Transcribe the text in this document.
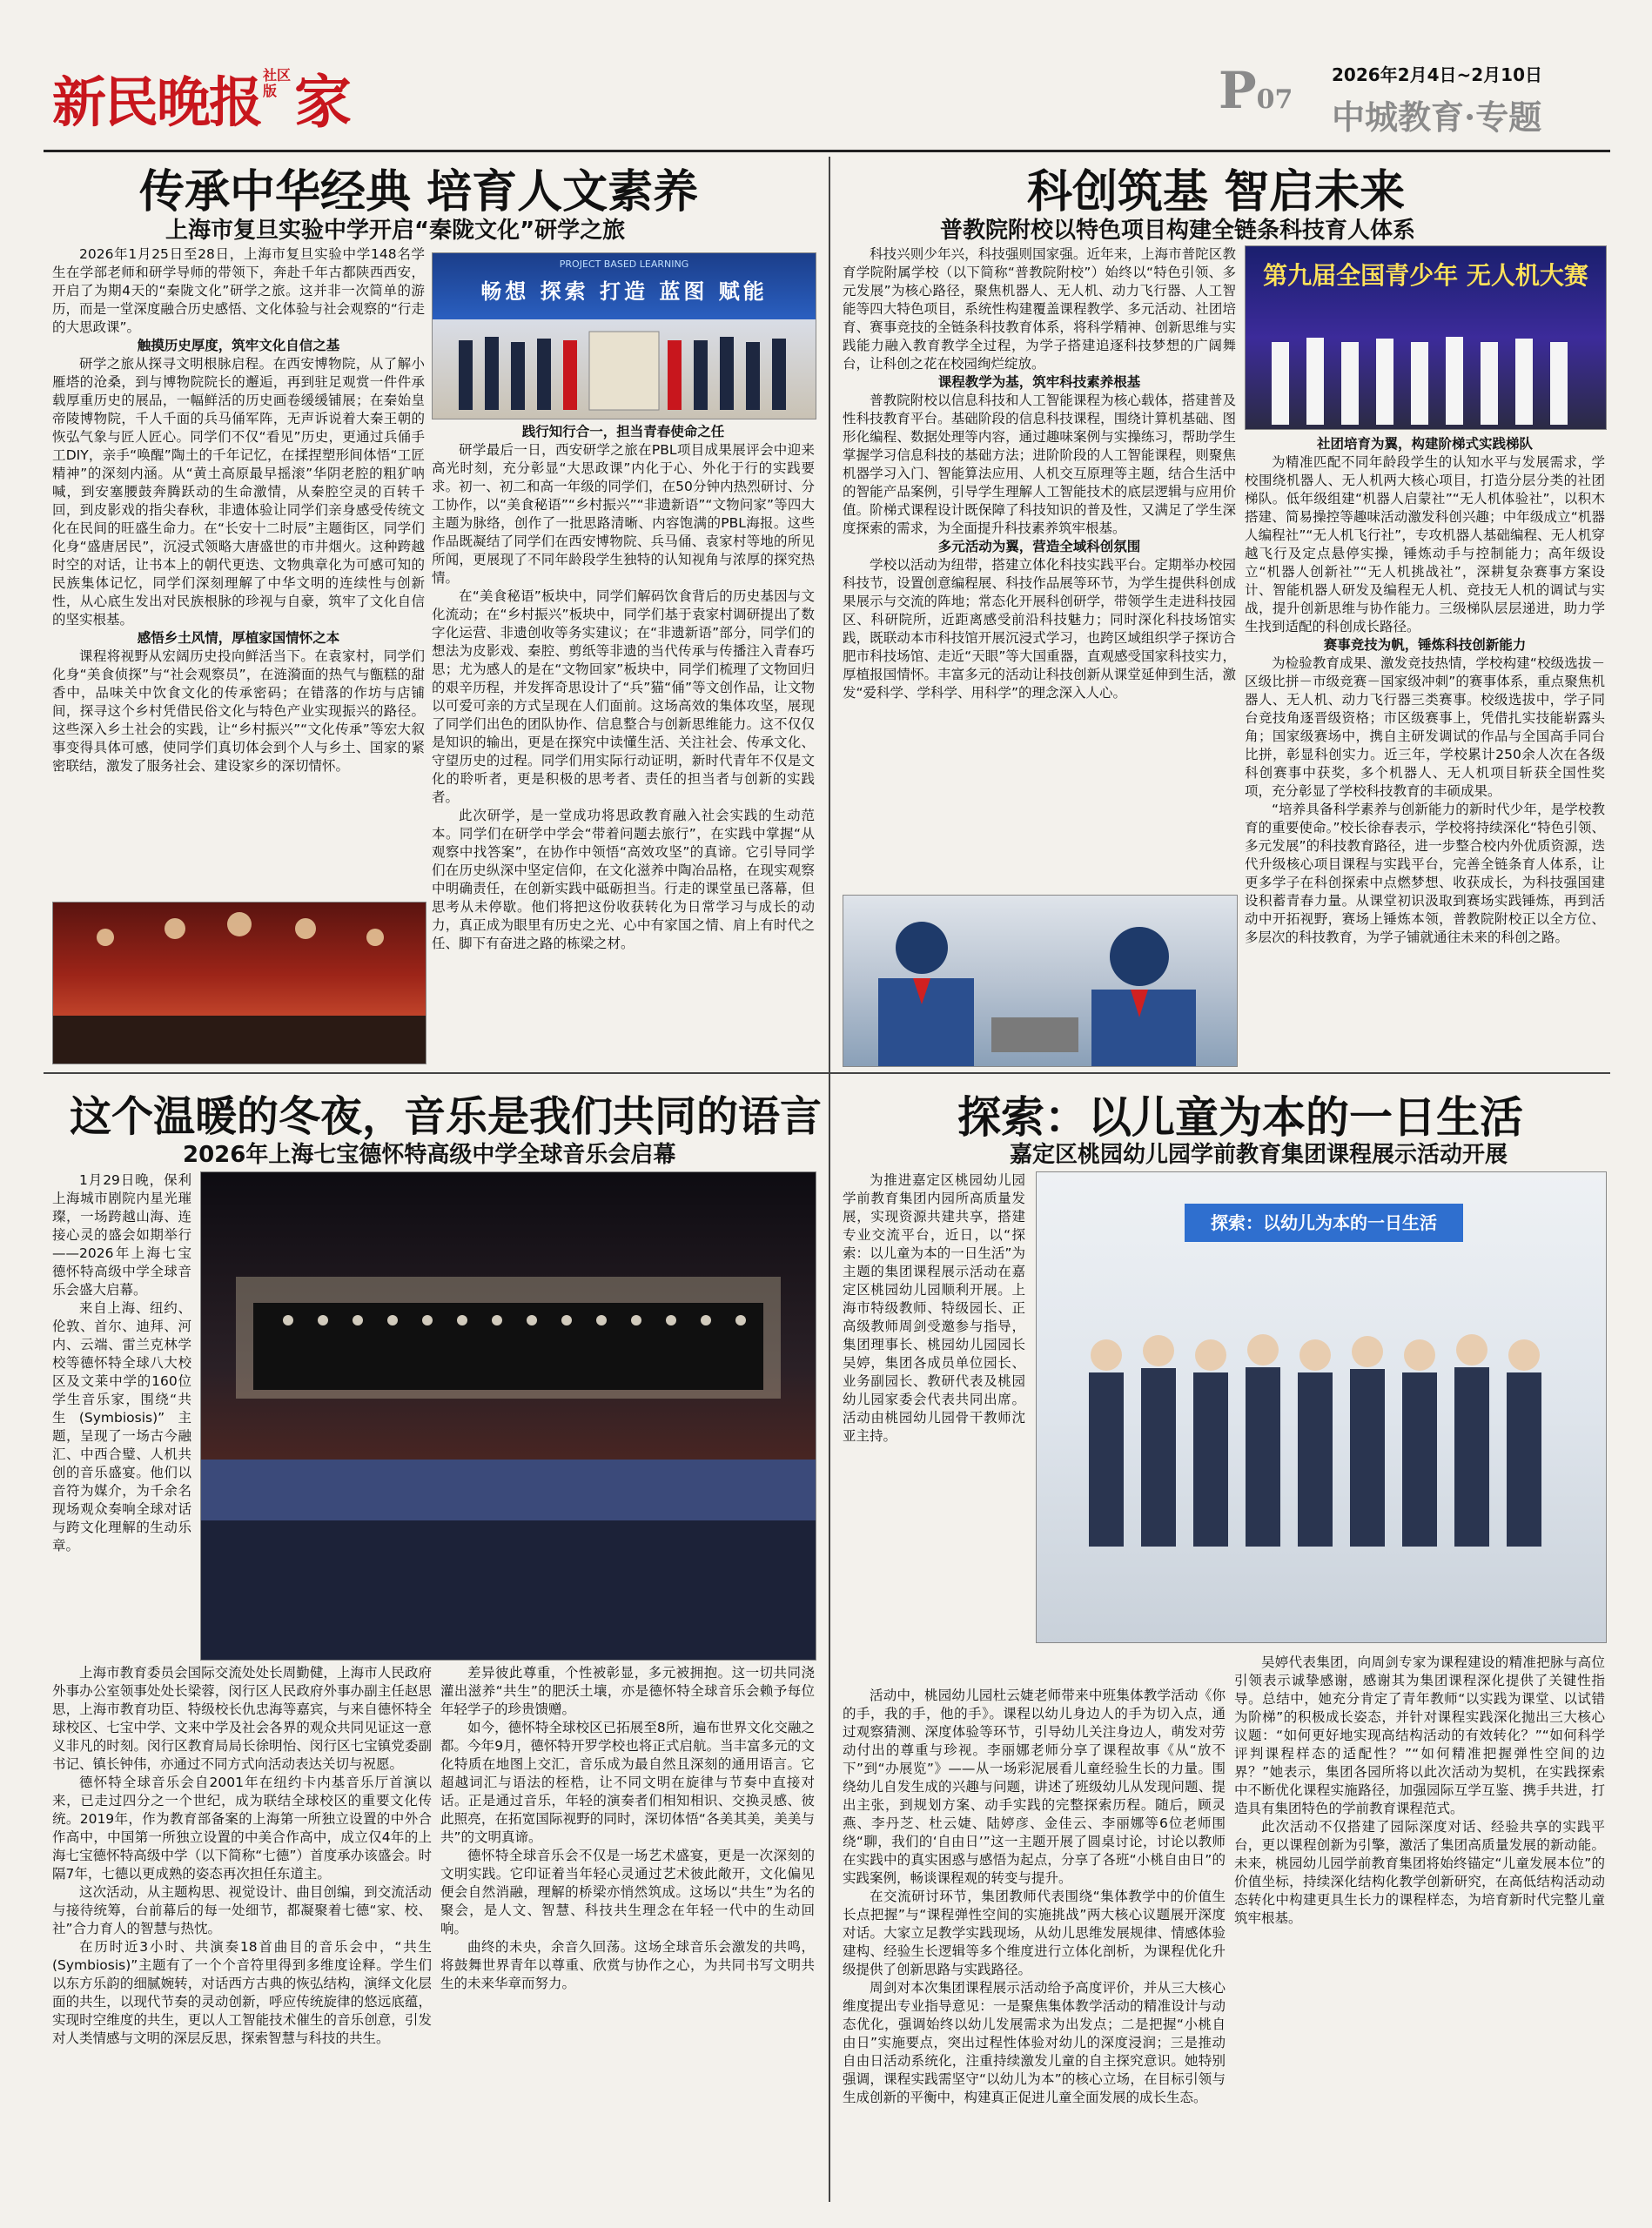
新民晚报 社区版 家	P07
2026年2月4日~2月10日
中城教育·专题
传承中华经典 培育人文素养
上海市复旦实验中学开启“秦陇文化”研学之旅
PROJECT BASED LEARNING
畅想 探索 打造 蓝图 赋能

2026年1月25日至28日，上海市复旦实验中学148名学生在学部老师和研学导师的带领下，奔赴千年古都陕西西安，开启了为期4天的“秦陇文化”研学之旅。这并非一次简单的游历，而是一堂深度融合历史感悟、文化体验与社会观察的“行走的大思政课”。

触摸历史厚度，筑牢文化自信之基

研学之旅从探寻文明根脉启程。在西安博物院，从了解小雁塔的沧桑，到与博物院院长的邂逅，再到驻足观赏一件件承载厚重历史的展品，一幅鲜活的历史画卷缓缓铺展；在秦始皇帝陵博物院，千人千面的兵马俑军阵，无声诉说着大秦王朝的恢弘气象与匠人匠心。同学们不仅“看见”历史，更通过兵俑手工DIY，亲手“唤醒”陶土的千年记忆，在揉捏塑形间体悟“工匠精神”的深刻内涵。从“黄土高原最早摇滚”华阴老腔的粗犷呐喊，到安塞腰鼓奔腾跃动的生命激情，从秦腔空灵的百转千回，到皮影戏的指尖春秋，非遗体验让同学们亲身感受传统文化在民间的旺盛生命力。在“长安十二时辰”主题街区，同学们化身“盛唐居民”，沉浸式领略大唐盛世的市井烟火。这种跨越时空的对话，让书本上的朝代更迭、文物典章化为可感可知的民族集体记忆，同学们深刻理解了中华文明的连续性与创新性，从心底生发出对民族根脉的珍视与自豪，筑牢了文化自信的坚实根基。

感悟乡土风情，厚植家国情怀之本

课程将视野从宏阔历史投向鲜活当下。在袁家村，同学们化身“美食侦探”与“社会观察员”，在涟漪面的热气与甑糕的甜香中，品味关中饮食文化的传承密码；在错落的作坊与店铺间，探寻这个乡村凭借民俗文化与特色产业实现振兴的路径。这些深入乡土社会的实践，让“乡村振兴”“文化传承”等宏大叙事变得具体可感，使同学们真切体会到个人与乡土、国家的紧密联结，激发了服务社会、建设家乡的深切情怀。

践行知行合一，担当青春使命之任

研学最后一日，西安研学之旅在PBL项目成果展评会中迎来高光时刻，充分彰显“大思政课”内化于心、外化于行的实践要求。初一、初二和高一年级的同学们，在50分钟内热烈研讨、分工协作，以“美食秘语”“乡村振兴”“非遗新语”“文物问家”等四大主题为脉络，创作了一批思路清晰、内容饱满的PBL海报。这些作品既凝结了同学们在西安博物院、兵马俑、袁家村等地的所见所闻，更展现了不同年龄段学生独特的认知视角与浓厚的探究热情。

在“美食秘语”板块中，同学们解码饮食背后的历史基因与文化流动；在“乡村振兴”板块中，同学们基于袁家村调研提出了数字化运营、非遗创收等务实建议；在“非遗新语”部分，同学们的想法为皮影戏、秦腔、剪纸等非遗的当代传承与传播注入青春巧思；尤为感人的是在“文物回家”板块中，同学们梳理了文物回归的艰辛历程，并发挥奇思设计了“兵”猫“俑”等文创作品，让文物以可爱可亲的方式呈现在人们面前。这场高效的集体攻坚，展现了同学们出色的团队协作、信息整合与创新思维能力。这不仅仅是知识的输出，更是在探究中读懂生活、关注社会、传承文化、守望历史的过程。同学们用实际行动证明，新时代青年不仅是文化的聆听者，更是积极的思考者、责任的担当者与创新的实践者。

此次研学，是一堂成功将思政教育融入社会实践的生动范本。同学们在研学中学会“带着问题去旅行”，在实践中掌握“从观察中找答案”，在协作中领悟“高效攻坚”的真谛。它引导同学们在历史纵深中坚定信仰，在文化滋养中陶冶品格，在现实观察中明确责任，在创新实践中砥砺担当。行走的课堂虽已落幕，但思考从未停歇。他们将把这份收获转化为日常学习与成长的动力，真正成为眼里有历史之光、心中有家国之情、肩上有时代之任、脚下有奋进之路的栋梁之材。

科创筑基 智启未来
普教院附校以特色项目构建全链条科技育人体系

科技兴则少年兴，科技强则国家强。近年来，上海市普陀区教育学院附属学校（以下简称“普教院附校”）始终以“特色引领、多元发展”为核心路径，聚焦机器人、无人机、动力飞行器、人工智能等四大特色项目，系统性构建覆盖课程教学、多元活动、社团培育、赛事竞技的全链条科技教育体系，将科学精神、创新思维与实践能力融入教育教学全过程，为学子搭建追逐科技梦想的广阔舞台，让科创之花在校园绚烂绽放。

课程教学为基，筑牢科技素养根基

普教院附校以信息科技和人工智能课程为核心载体，搭建普及性科技教育平台。基础阶段的信息科技课程，围绕计算机基础、图形化编程、数据处理等内容，通过趣味案例与实操练习，帮助学生掌握学习信息科技的基础方法；进阶阶段的人工智能课程，则聚焦机器学习入门、智能算法应用、人机交互原理等主题，结合生活中的智能产品案例，引导学生理解人工智能技术的底层逻辑与应用价值。阶梯式课程设计既保障了科技知识的普及性，又满足了学生深度探索的需求，为全面提升科技素养筑牢根基。

多元活动为翼，营造全域科创氛围

学校以活动为纽带，搭建立体化科技实践平台。定期举办校园科技节，设置创意编程展、科技作品展等环节，为学生提供科创成果展示与交流的阵地；常态化开展科创研学，带领学生走进科技园区、科研院所，近距离感受前沿科技魅力；同时深化科技场馆实践，既联动本市科技馆开展沉浸式学习，也跨区域组织学子探访合肥市科技场馆、走近“天眼”等大国重器，直观感受国家科技实力，厚植报国情怀。丰富多元的活动让科技创新从课堂延伸到生活，激发“爱科学、学科学、用科学”的理念深入人心。

第九届全国青少年 无人机大赛

社团培育为翼，构建阶梯式实践梯队

为精准匹配不同年龄段学生的认知水平与发展需求，学校围绕机器人、无人机两大核心项目，打造分层分类的社团梯队。低年级组建“机器人启蒙社”“无人机体验社”，以积木搭建、简易操控等趣味活动激发科创兴趣；中年级成立“机器人编程社”“无人机飞行社”，专攻机器人基础编程、无人机穿越飞行及定点悬停实操，锤炼动手与控制能力；高年级设立“机器人创新社”“无人机挑战社”，深耕复杂赛事方案设计、智能机器人研发及编程无人机、竞技无人机的调试与实战，提升创新思维与协作能力。三级梯队层层递进，助力学生找到适配的科创成长路径。

赛事竞技为帆，锤炼科技创新能力

为检验教育成果、激发竞技热情，学校构建“校级选拔－区级比拼－市级竞赛－国家级冲刺”的赛事体系，重点聚焦机器人、无人机、动力飞行器三类赛事。校级选拔中，学子同台竞技角逐晋级资格；市区级赛事上，凭借扎实技能崭露头角；国家级赛场中，携自主研发调试的作品与全国高手同台比拼，彰显科创实力。近三年，学校累计250余人次在各级科创赛事中获奖，多个机器人、无人机项目斩获全国性奖项，充分彰显了学校科技教育的丰硕成果。

“培养具备科学素养与创新能力的新时代少年，是学校教育的重要使命。”校长徐春表示，学校将持续深化“特色引领、多元发展”的科技教育路径，进一步整合校内外优质资源，迭代升级核心项目课程与实践平台，完善全链条育人体系，让更多学子在科创探索中点燃梦想、收获成长，为科技强国建设积蓄青春力量。从课堂初识汲取到赛场实践锤炼，再到活动中开拓视野，赛场上锤炼本领，普教院附校正以全方位、多层次的科技教育，为学子铺就通往未来的科创之路。

这个温暖的冬夜，音乐是我们共同的语言
2026年上海七宝德怀特高级中学全球音乐会启幕

1月29日晚，保利上海城市剧院内星光璀璨，一场跨越山海、连接心灵的盛会如期举行——2026年上海七宝德怀特高级中学全球音乐会盛大启幕。

来自上海、纽约、伦敦、首尔、迪拜、河内、云端、雷兰克林学校等德怀特全球八大校区及文莱中学的160位学生音乐家，围绕“共生(Symbiosis)”主题，呈现了一场古今融汇、中西合璧、人机共创的音乐盛宴。他们以音符为媒介，为千余名现场观众奏响全球对话与跨文化理解的生动乐章。

上海市教育委员会国际交流处处长周勤健，上海市人民政府外事办公室领事处处长梁蓉，闵行区人民政府外事办副主任赵思思，上海市教育功臣、特级校长仇忠海等嘉宾，与来自德怀特全球校区、七宝中学、文来中学及社会各界的观众共同见证这一意义非凡的时刻。闵行区教育局局长徐明怡、闵行区七宝镇党委副书记、镇长钟伟，亦通过不同方式向活动表达关切与祝愿。

德怀特全球音乐会自2001年在纽约卡内基音乐厅首演以来，已走过四分之一个世纪，成为联结全球校区的重要文化传统。2019年，作为教育部备案的上海第一所独立设置的中外合作高中，中国第一所独立设置的中美合作高中，成立仅4年的上海七宝德怀特高级中学（以下简称“七德”）首度承办该盛会。时隔7年，七德以更成熟的姿态再次担任东道主。

这次活动，从主题构思、视觉设计、曲目创编，到交流活动与接待统筹，台前幕后的每一处细节，都凝聚着七德“家、校、社”合力育人的智慧与热忱。

在历时近3小时、共演奏18首曲目的音乐会中，“共生(Symbiosis)”主题有了一个个音符里得到多维度诠释。学生们以东方乐韵的细腻婉转，对话西方古典的恢弘结构，演绎文化层面的共生，以现代节奏的灵动创新，呼应传统旋律的悠远底蕴，实现时空维度的共生，更以人工智能技术催生的音乐创意，引发对人类情感与文明的深层反思，探索智慧与科技的共生。

差异彼此尊重，个性被彰显，多元被拥抱。这一切共同浇灌出滋养“共生”的肥沃土壤，亦是德怀特全球音乐会赖予每位年轻学子的珍贵馈赠。

如今，德怀特全球校区已拓展至8所，遍布世界文化交融之都。今年9月，德怀特开罗学校也将正式启航。当丰富多元的文化特质在地图上交汇，音乐成为最自然且深刻的通用语言。它超越词汇与语法的桎梏，让不同文明在旋律与节奏中直接对话。正是通过音乐，年轻的演奏者们相知相识、交换灵感、彼此照亮，在拓宽国际视野的同时，深切体悟“各美其美，美美与共”的文明真谛。

德怀特全球音乐会不仅是一场艺术盛宴，更是一次深刻的文明实践。它印证着当年轻心灵通过艺术彼此敞开，文化偏见便会自然消融，理解的桥梁亦悄然筑成。这场以“共生”为名的聚会，是人文、智慧、科技共生理念在年轻一代中的生动回响。

曲终的未央，余音久回荡。这场全球音乐会激发的共鸣，将鼓舞世界青年以尊重、欣赏与协作之心，为共同书写文明共生的未来华章而努力。

探索：以儿童为本的一日生活
嘉定区桃园幼儿园学前教育集团课程展示活动开展

为推进嘉定区桃园幼儿园学前教育集团内园所高质量发展，实现资源共建共享，搭建专业交流平台，近日，以“探索：以儿童为本的一日生活”为主题的集团课程展示活动在嘉定区桃园幼儿园顺利开展。上海市特级教师、特级园长、正高级教师周剑受邀参与指导，集团理事长、桃园幼儿园园长吴婷，集团各成员单位园长、业务副园长、教研代表及桃园幼儿园家委会代表共同出席。活动由桃园幼儿园骨干教师沈亚主持。

探索：以幼儿为本的一日生活

活动中，桃园幼儿园杜云婕老师带来中班集体教学活动《你的手，我的手，他的手》。课程以幼儿身边人的手为切入点，通过观察猜测、深度体验等环节，引导幼儿关注身边人，萌发对劳动付出的尊重与珍视。李丽娜老师分享了课程故事《从“放不下”到“办展览”》——从一场彩泥展看儿童经验生长的力量。围绕幼儿自发生成的兴趣与问题，讲述了班级幼儿从发现问题、提出主张，到规划方案、动手实践的完整探索历程。随后，顾灵燕、李丹芝、杜云婕、陆婷彦、金佳云、李丽娜等6位老师围绕“聊，我们的‘自由日’”这一主题开展了圆桌讨论，讨论以教师在实践中的真实困惑与感悟为起点，分享了各班“小桃自由日”的实践案例，畅谈课程观的转变与提升。

在交流研讨环节，集团教师代表围绕“集体教学中的价值生长点把握”与“课程弹性空间的实施挑战”两大核心议题展开深度对话。大家立足教学实践现场，从幼儿思维发展规律、情感体验建构、经验生长逻辑等多个维度进行立体化剖析，为课程优化升级提供了创新思路与实践路径。

周剑对本次集团课程展示活动给予高度评价，并从三大核心维度提出专业指导意见：一是聚焦集体教学活动的精准设计与动态优化，强调始终以幼儿发展需求为出发点；二是把握“小桃自由日”实施要点，突出过程性体验对幼儿的深度浸润；三是推动自由日活动系统化，注重持续激发儿童的自主探究意识。她特别强调，课程实践需坚守“以幼儿为本”的核心立场，在目标引领与生成创新的平衡中，构建真正促进儿童全面发展的成长生态。

吴婷代表集团，向周剑专家为课程建设的精准把脉与高位引领表示诚挚感谢，感谢其为集团课程深化提供了关键性指导。总结中，她充分肯定了青年教师“以实践为课堂、以试错为阶梯”的积极成长姿态，并针对课程实践深化抛出三大核心议题：“如何更好地实现高结构活动的有效转化？”“如何科学评判课程样态的适配性？”“如何精准把握弹性空间的边界？”她表示，集团各园所将以此次活动为契机，在实践探索中不断优化课程实施路径，加强园际互学互鉴、携手共进，打造具有集团特色的学前教育课程范式。

此次活动不仅搭建了园际深度对话、经验共享的实践平台，更以课程创新为引擎，激活了集团高质量发展的新动能。未来，桃园幼儿园学前教育集团将始终锚定“儿童发展本位”的价值坐标，持续深化结构化教学创新研究，在高低结构活动动态转化中构建更具生长力的课程样态，为培育新时代完整儿童筑牢根基。
